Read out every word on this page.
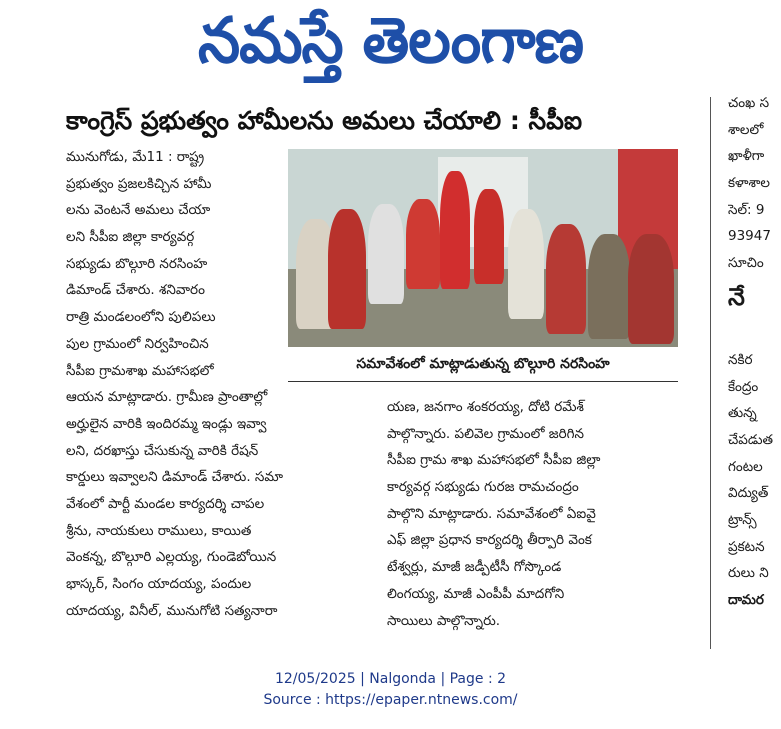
నమస్తే తెలంగాణ
కాంగ్రెస్ ప్రభుత్వం హామీలను అమలు చేయాలి : సీపీఐ
మునుగోడు, మే11 : రాష్ట్ర
ప్రభుత్వం ప్రజలకిచ్చిన హామీ
లను వెంటనే అమలు చేయా
లని సీపీఐ జిల్లా కార్యవర్గ
సభ్యుడు బొల్గూరి నరసింహ
డిమాండ్ చేశారు. శనివారం
రాత్రి మండలంలోని పులిపలు
పుల గ్రామంలో నిర్వహించిన
సీపీఐ గ్రామశాఖ మహాసభలో
ఆయన మాట్లాడారు. గ్రామీణ ప్రాంతాల్లో
అర్హులైన వారికి ఇందిరమ్మ ఇండ్లు ఇవ్వా
లని, దరఖాస్తు చేసుకున్న వారికి రేషన్
కార్డులు ఇవ్వాలని డిమాండ్ చేశారు. సమా
వేశంలో పార్టీ మండల కార్యదర్శి చాపల
శ్రీను, నాయకులు రాములు, కాయిత
వెంకన్న, బొల్గూరి ఎల్లయ్య, గుండెబోయిన
భాస్కర్, సింగం యాదయ్య, పందుల
యాదయ్య, వినీల్, మునుగోటి సత్యనారా
సమావేశంలో మాట్లాడుతున్న బొల్గూరి నరసింహ
యణ, జనగాం శంకరయ్య, దోటి రమేశ్
పాల్గొన్నారు. పలివెల గ్రామంలో జరిగిన
సీపీఐ గ్రామ శాఖ మహాసభలో సీపీఐ జిల్లా
కార్యవర్గ సభ్యుడు గురజ రామచంద్రం
పాల్గొని మాట్లాడారు. సమావేశంలో ఏఐవై
ఎఫ్ జిల్లా ప్రధాన కార్యదర్శి తీర్పారి వెంక
టేశ్వర్లు, మాజీ జడ్పీటీసీ గోస్కొండ
లింగయ్య, మాజీ ఎంపీపీ మాదగోని
సాయిలు పాల్గొన్నారు.
చంఖ స
శాలలో
ఖాళీగా
కళాశాల
సెల్: 9
93947
సూచిం
నే
నకిర
కేంద్రం
తున్న
చేపడుత
గంటల
విద్యుత్
ట్రాన్స్
ప్రకటన
రులు ని
దామర
12/05/2025 | Nalgonda | Page : 2
Source : https://epaper.ntnews.com/
